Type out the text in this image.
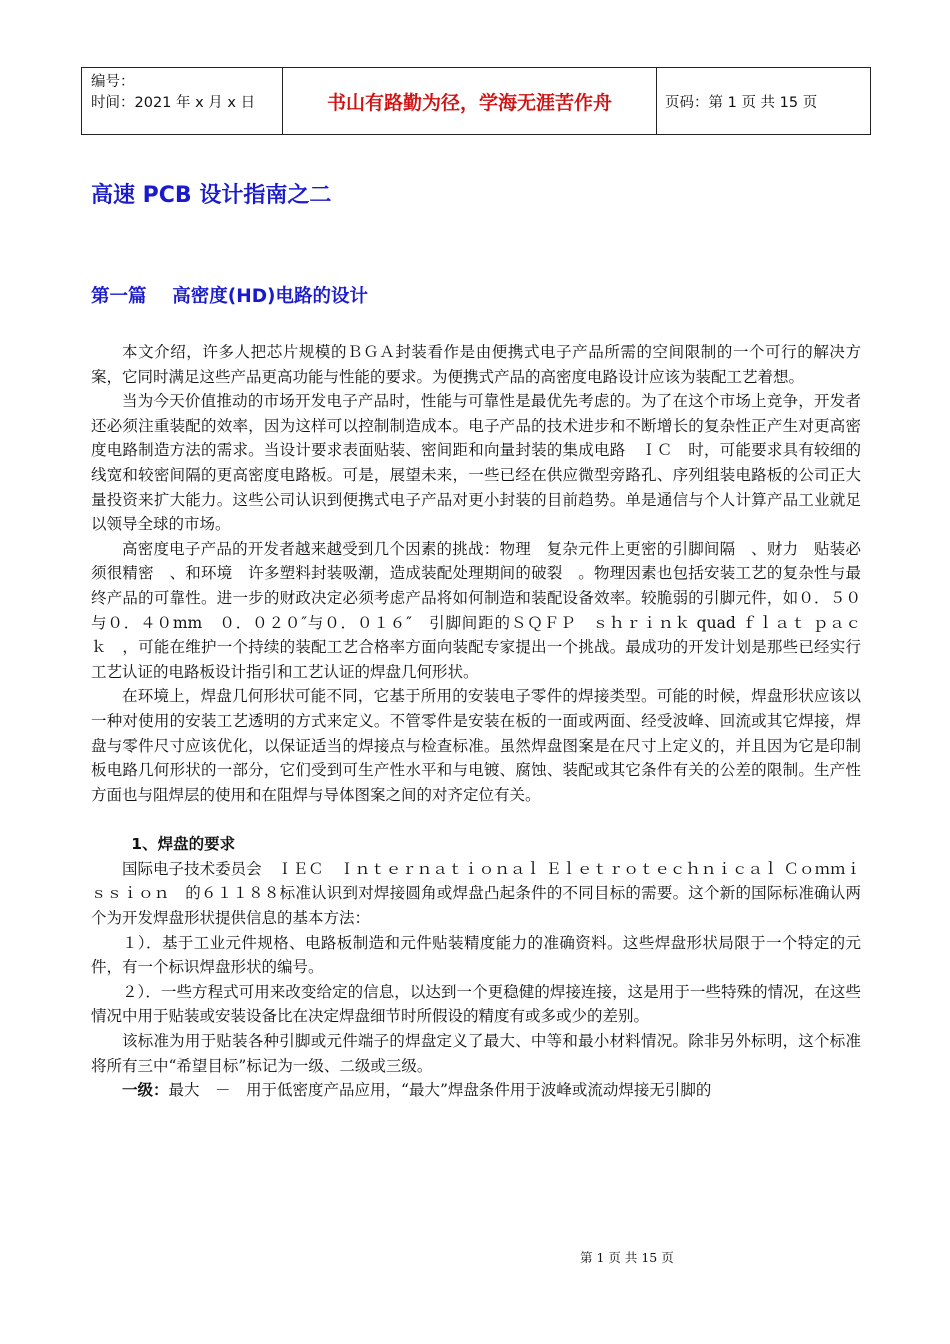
编号：
时间：2021 年 x 月 x 日	书山有路勤为径，学海无涯苦作舟	页码：第 1 页 共 15 页
高速 PCB 设计指南之二
第一篇    高密度(HD)电路的设计

本文介绍，许多人把芯片规模的ＢＧＡ封装看作是由便携式电子产品所需的空间限制的一个可行的解决方案，它同时满足这些产品更高功能与性能的要求。为便携式产品的高密度电路设计应该为装配工艺着想。

当为今天价值推动的市场开发电子产品时，性能与可靠性是最优先考虑的。为了在这个市场上竞争，开发者还必须注重装配的效率，因为这样可以控制制造成本。电子产品的技术进步和不断增长的复杂性正产生对更高密度电路制造方法的需求。当设计要求表面贴装、密间距和向量封装的集成电路　ＩＣ　时，可能要求具有较细的线宽和较密间隔的更高密度电路板。可是，展望未来，一些已经在供应微型旁路孔、序列组装电路板的公司正大量投资来扩大能力。这些公司认识到便携式电子产品对更小封装的目前趋势。单是通信与个人计算产品工业就足以领导全球的市场。

高密度电子产品的开发者越来越受到几个因素的挑战：物理　复杂元件上更密的引脚间隔　、财力　贴装必须很精密　、和环境　许多塑料封装吸潮，造成装配处理期间的破裂　。物理因素也包括安装工艺的复杂性与最终产品的可靠性。进一步的财政决定必须考虑产品将如何制造和装配设备效率。较脆弱的引脚元件，如０．５０与０．４０mm　０．０２０″与０．０１６″　引脚间距的ＳＱＦＰ　ｓｈｒｉｎｋ quad ｆｌａｔ ｐａｃｋ　，可能在维护一个持续的装配工艺合格率方面向装配专家提出一个挑战。最成功的开发计划是那些已经实行工艺认证的电路板设计指引和工艺认证的焊盘几何形状。

在环境上，焊盘几何形状可能不同，它基于所用的安装电子零件的焊接类型。可能的时候，焊盘形状应该以一种对使用的安装工艺透明的方式来定义。不管零件是安装在板的一面或两面、经受波峰、回流或其它焊接，焊盘与零件尺寸应该优化，以保证适当的焊接点与检查标准。虽然焊盘图案是在尺寸上定义的，并且因为它是印制板电路几何形状的一部分，它们受到可生产性水平和与电镀、腐蚀、装配或其它条件有关的公差的限制。生产性方面也与阻焊层的使用和在阻焊与导体图案之间的对齐定位有关。

1、焊盘的要求

国际电子技术委员会　ＩＥＣ　Ｉｎｔｅｒｎａｔｉｏｎａｌ Ｅｌｅｔｒｏｔｅｃｈｎｉｃａｌ Ｃｏｍｍｉｓｓｉｏｎ　的６１１８８标准认识到对焊接圆角或焊盘凸起条件的不同目标的需要。这个新的国际标准确认两个为开发焊盘形状提供信息的基本方法：

１）．基于工业元件规格、电路板制造和元件贴装精度能力的准确资料。这些焊盘形状局限于一个特定的元件，有一个标识焊盘形状的编号。

２）．一些方程式可用来改变给定的信息，以达到一个更稳健的焊接连接，这是用于一些特殊的情况，在这些情况中用于贴装或安装设备比在决定焊盘细节时所假设的精度有或多或少的差别。

该标准为用于贴装各种引脚或元件端子的焊盘定义了最大、中等和最小材料情况。除非另外标明，这个标准将所有三中“希望目标”标记为一级、二级或三级。

一级：最大　－　用于低密度产品应用，“最大”焊盘条件用于波峰或流动焊接无引脚的

第 1 页 共 15 页
